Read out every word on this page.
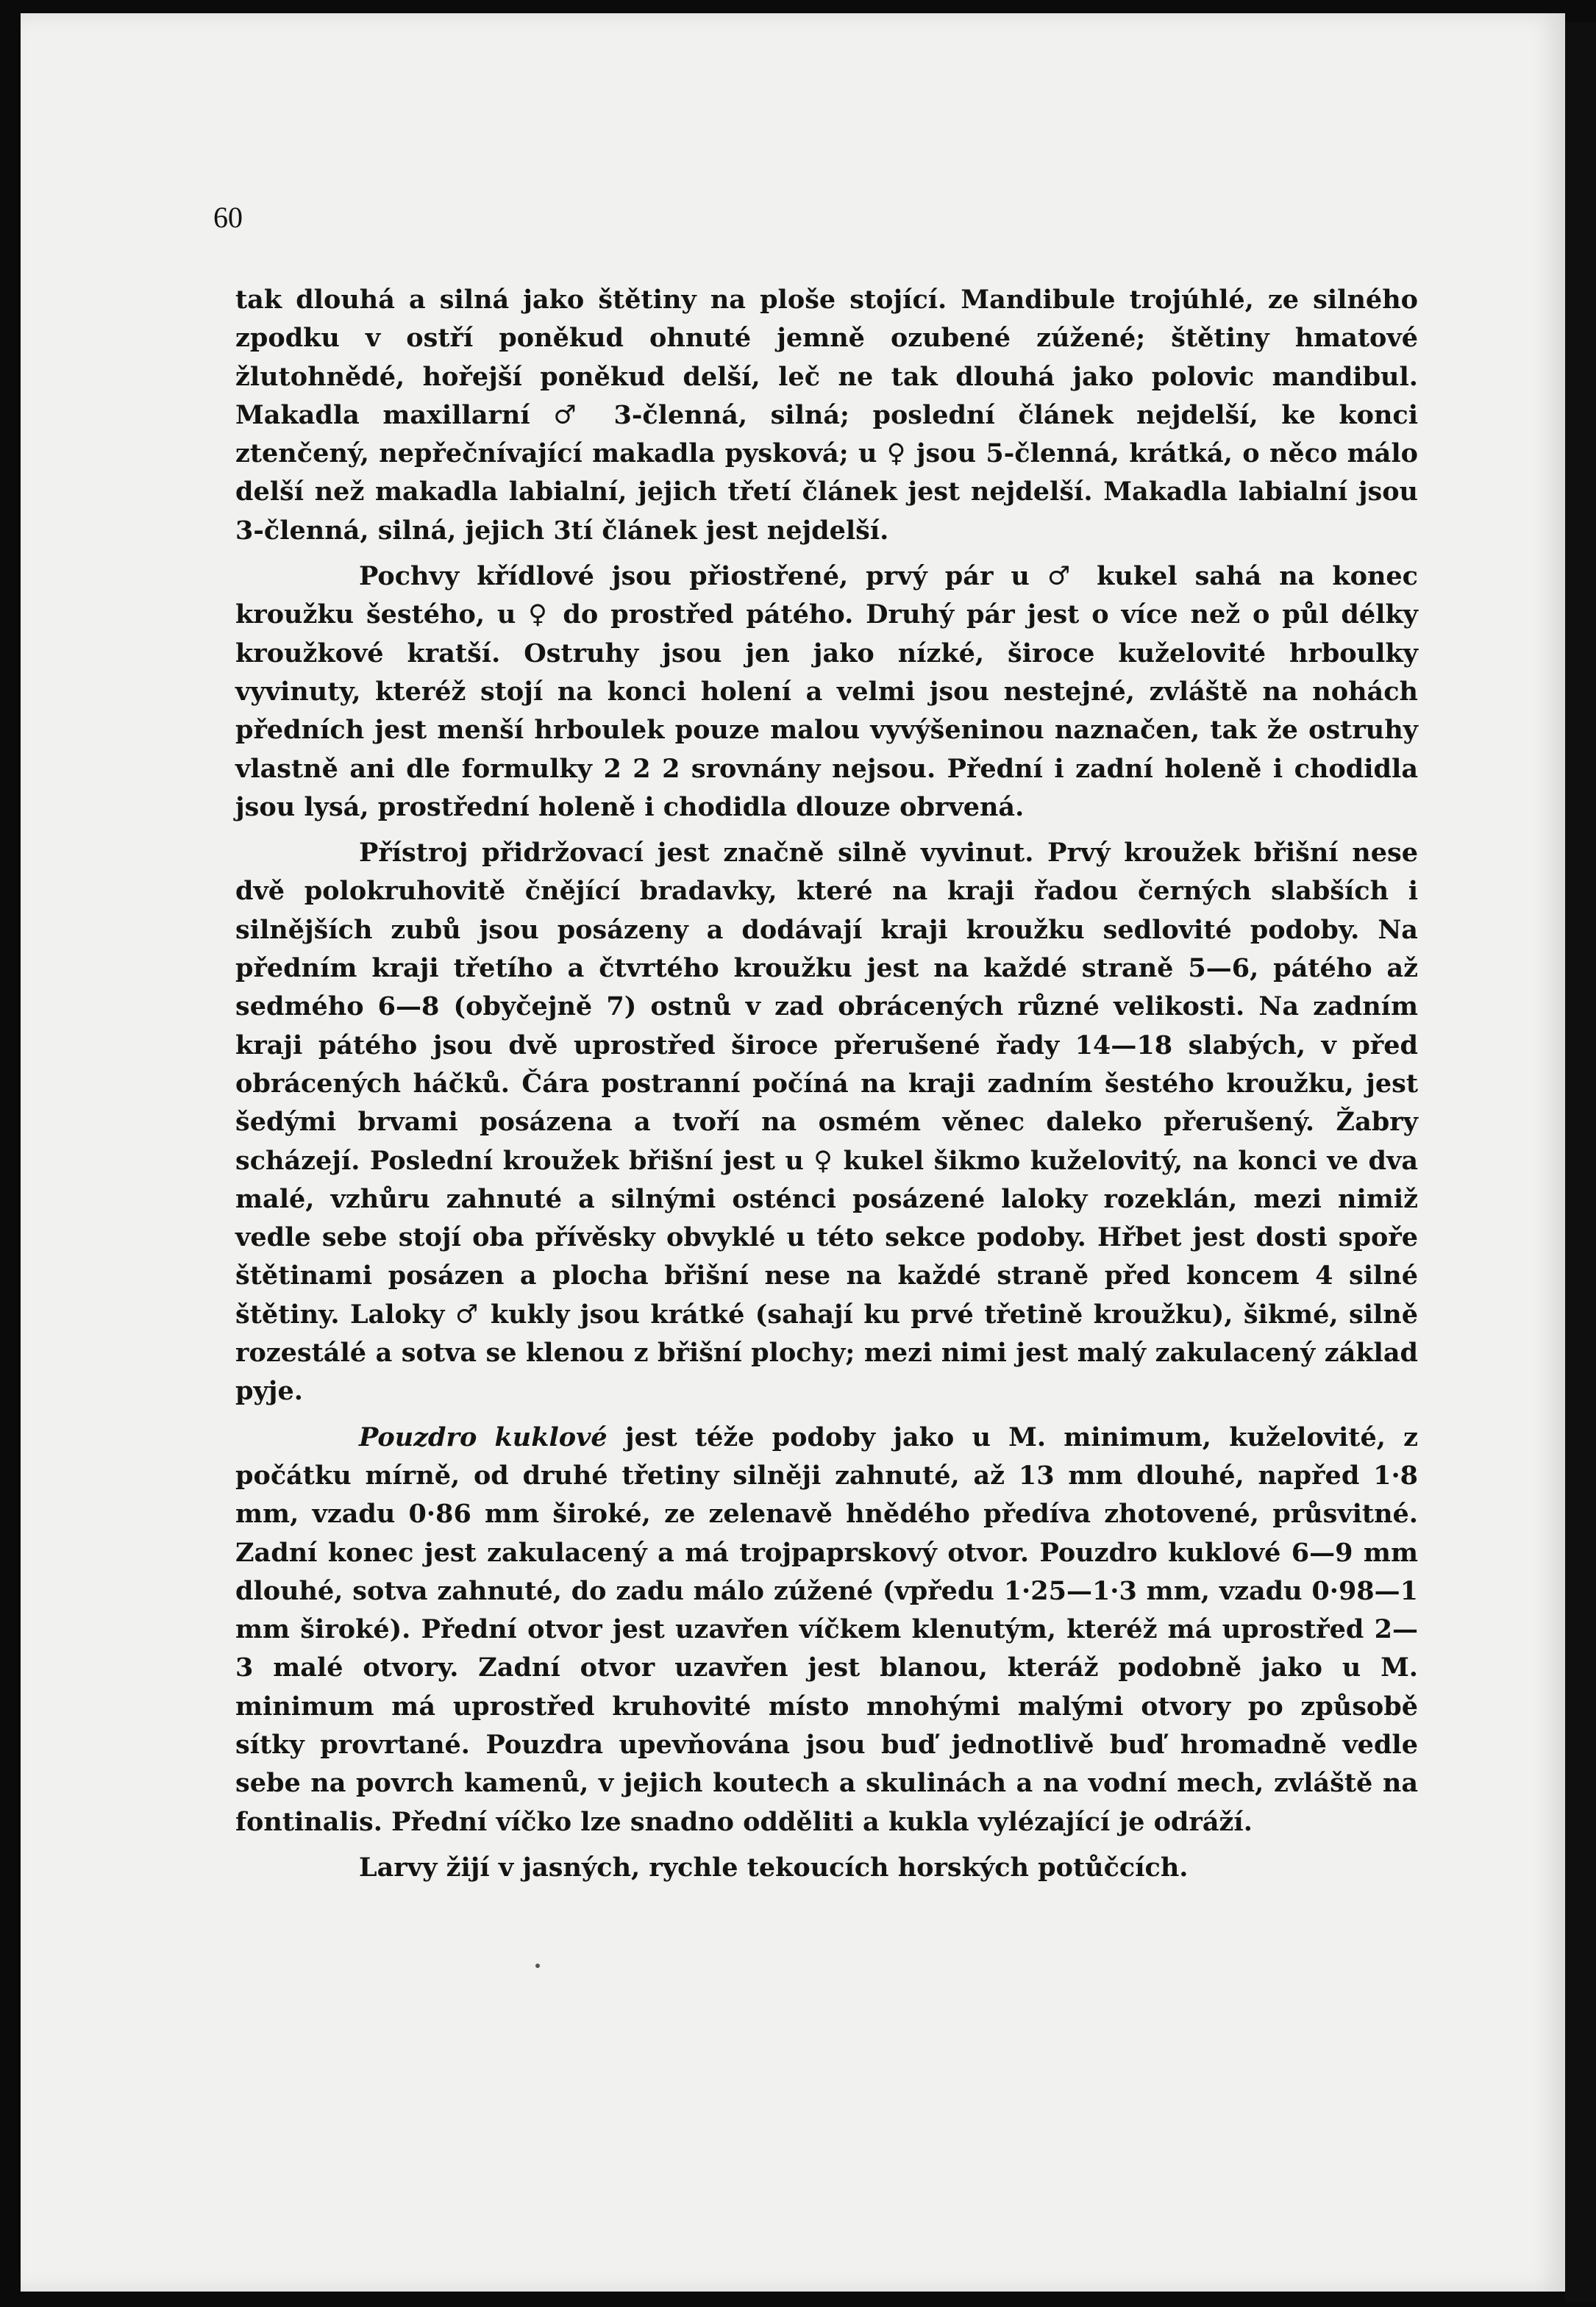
60

tak dlouhá a silná jako štětiny na ploše stojící. Mandibule trojúhlé, ze silného zpodku v ostří poněkud ohnuté jemně ozubené zúžené; štětiny hmatové žlutohnědé, hořejší poněkud delší, leč ne tak dlouhá jako polovic mandibul. Makadla maxillarní ♂ 3-členná, silná; poslední článek nejdelší, ke konci ztenčený, nepřečnívající makadla pysková; u ♀ jsou 5-členná, krátká, o něco málo delší než makadla labialní, jejich třetí článek jest nejdelší. Makadla labialní jsou 3-členná, silná, jejich 3tí článek jest nejdelší.

Pochvy křídlové jsou přiostřené, prvý pár u ♂ kukel sahá na konec kroužku šestého, u ♀ do prostřed pátého. Druhý pár jest o více než o půl délky kroužkové kratší. Ostruhy jsou jen jako nízké, široce kuželovité hrboulky vyvinuty, kteréž stojí na konci holení a velmi jsou nestejné, zvláště na nohách předních jest menší hrboulek pouze malou vyvýšeninou naznačen, tak že ostruhy vlastně ani dle formulky 2 2 2 srovnány nejsou. Přední i zadní holeně i chodidla jsou lysá, prostřední holeně i chodidla dlouze obrvená.

Přístroj přidržovací jest značně silně vyvinut. Prvý kroužek břišní nese dvě polokruhovitě čnějící bradavky, které na kraji řadou černých slabších i silnějších zubů jsou posázeny a dodávají kraji kroužku sedlovité podoby. Na předním kraji třetího a čtvrtého kroužku jest na každé straně 5—6, pátého až sedmého 6—8 (obyčejně 7) ostnů v zad obrácených různé velikosti. Na zadním kraji pátého jsou dvě uprostřed široce přerušené řady 14—18 slabých, v před obrácených háčků. Čára postranní počíná na kraji zadním šestého kroužku, jest šedými brvami posázena a tvoří na osmém věnec daleko přerušený. Žabry scházejí. Poslední kroužek břišní jest u ♀ kukel šikmo kuželovitý, na konci ve dva malé, vzhůru zahnuté a silnými osténci posázené laloky rozeklán, mezi nimiž vedle sebe stojí oba přívěsky obvyklé u této sekce podoby. Hřbet jest dosti spoře štětinami posázen a plocha břišní nese na každé straně před koncem 4 silné štětiny. Laloky ♂ kukly jsou krátké (sahají ku prvé třetině kroužku), šikmé, silně rozestálé a sotva se klenou z břišní plochy; mezi nimi jest malý zakulacený základ pyje.

Pouzdro kuklové jest téže podoby jako u M. minimum, kuželovité, z počátku mírně, od druhé třetiny silněji zahnuté, až 13 mm dlouhé, napřed 1·8 mm, vzadu 0·86 mm široké, ze zelenavě hnědého předíva zhotovené, průsvitné. Zadní konec jest zakulacený a má trojpaprskový otvor. Pouzdro kuklové 6—9 mm dlouhé, sotva zahnuté, do zadu málo zúžené (vpředu 1·25—1·3 mm, vzadu 0·98—1 mm široké). Přední otvor jest uzavřen víčkem klenutým, kteréž má uprostřed 2—3 malé otvory. Zadní otvor uzavřen jest blanou, kteráž podobně jako u M. minimum má uprostřed kruhovité místo mnohými malými otvory po způsobě sítky provrtané. Pouzdra upevňována jsou buď jednotlivě buď hromadně vedle sebe na povrch kamenů, v jejich koutech a skulinách a na vodní mech, zvláště na fontinalis. Přední víčko lze snadno odděliti a kukla vylézající je odráží.

Larvy žijí v jasných, rychle tekoucích horských potůčcích.
